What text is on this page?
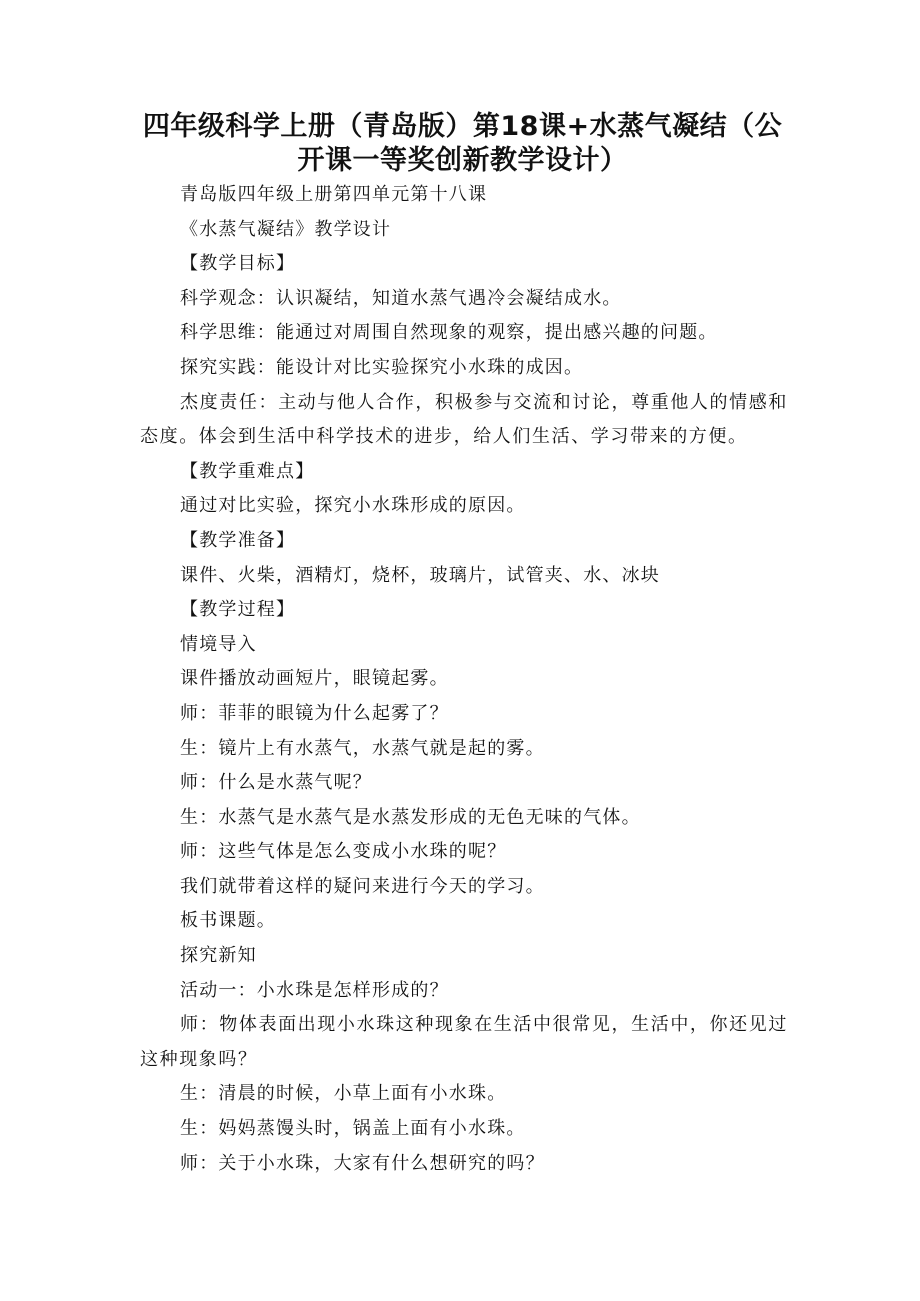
四年级科学上册（青岛版）第18课+水蒸气凝结（公开课一等奖创新教学设计）

青岛版四年级上册第四单元第十八课

《水蒸气凝结》教学设计

【教学目标】

科学观念：认识凝结，知道水蒸气遇冷会凝结成水。

科学思维：能通过对周围自然现象的观察，提出感兴趣的问题。

探究实践：能设计对比实验探究小水珠的成因。

杰度责任：主动与他人合作，积极参与交流和讨论，尊重他人的情感和态度。体会到生活中科学技术的进步，给人们生活、学习带来的方便。

【教学重难点】

通过对比实验，探究小水珠形成的原因。

【教学准备】

课件、火柴，酒精灯，烧杯，玻璃片，试管夹、水、冰块

【教学过程】

情境导入

课件播放动画短片，眼镜起雾。

师：菲菲的眼镜为什么起雾了？

生：镜片上有水蒸气，水蒸气就是起的雾。

师：什么是水蒸气呢？

生：水蒸气是水蒸气是水蒸发形成的无色无味的气体。

师：这些气体是怎么变成小水珠的呢？

我们就带着这样的疑问来进行今天的学习。

板书课题。

探究新知

活动一：小水珠是怎样形成的？

师：物体表面出现小水珠这种现象在生活中很常见，生活中，你还见过这种现象吗？

生：清晨的时候，小草上面有小水珠。

生：妈妈蒸馒头时，锅盖上面有小水珠。

师：关于小水珠，大家有什么想研究的吗？
